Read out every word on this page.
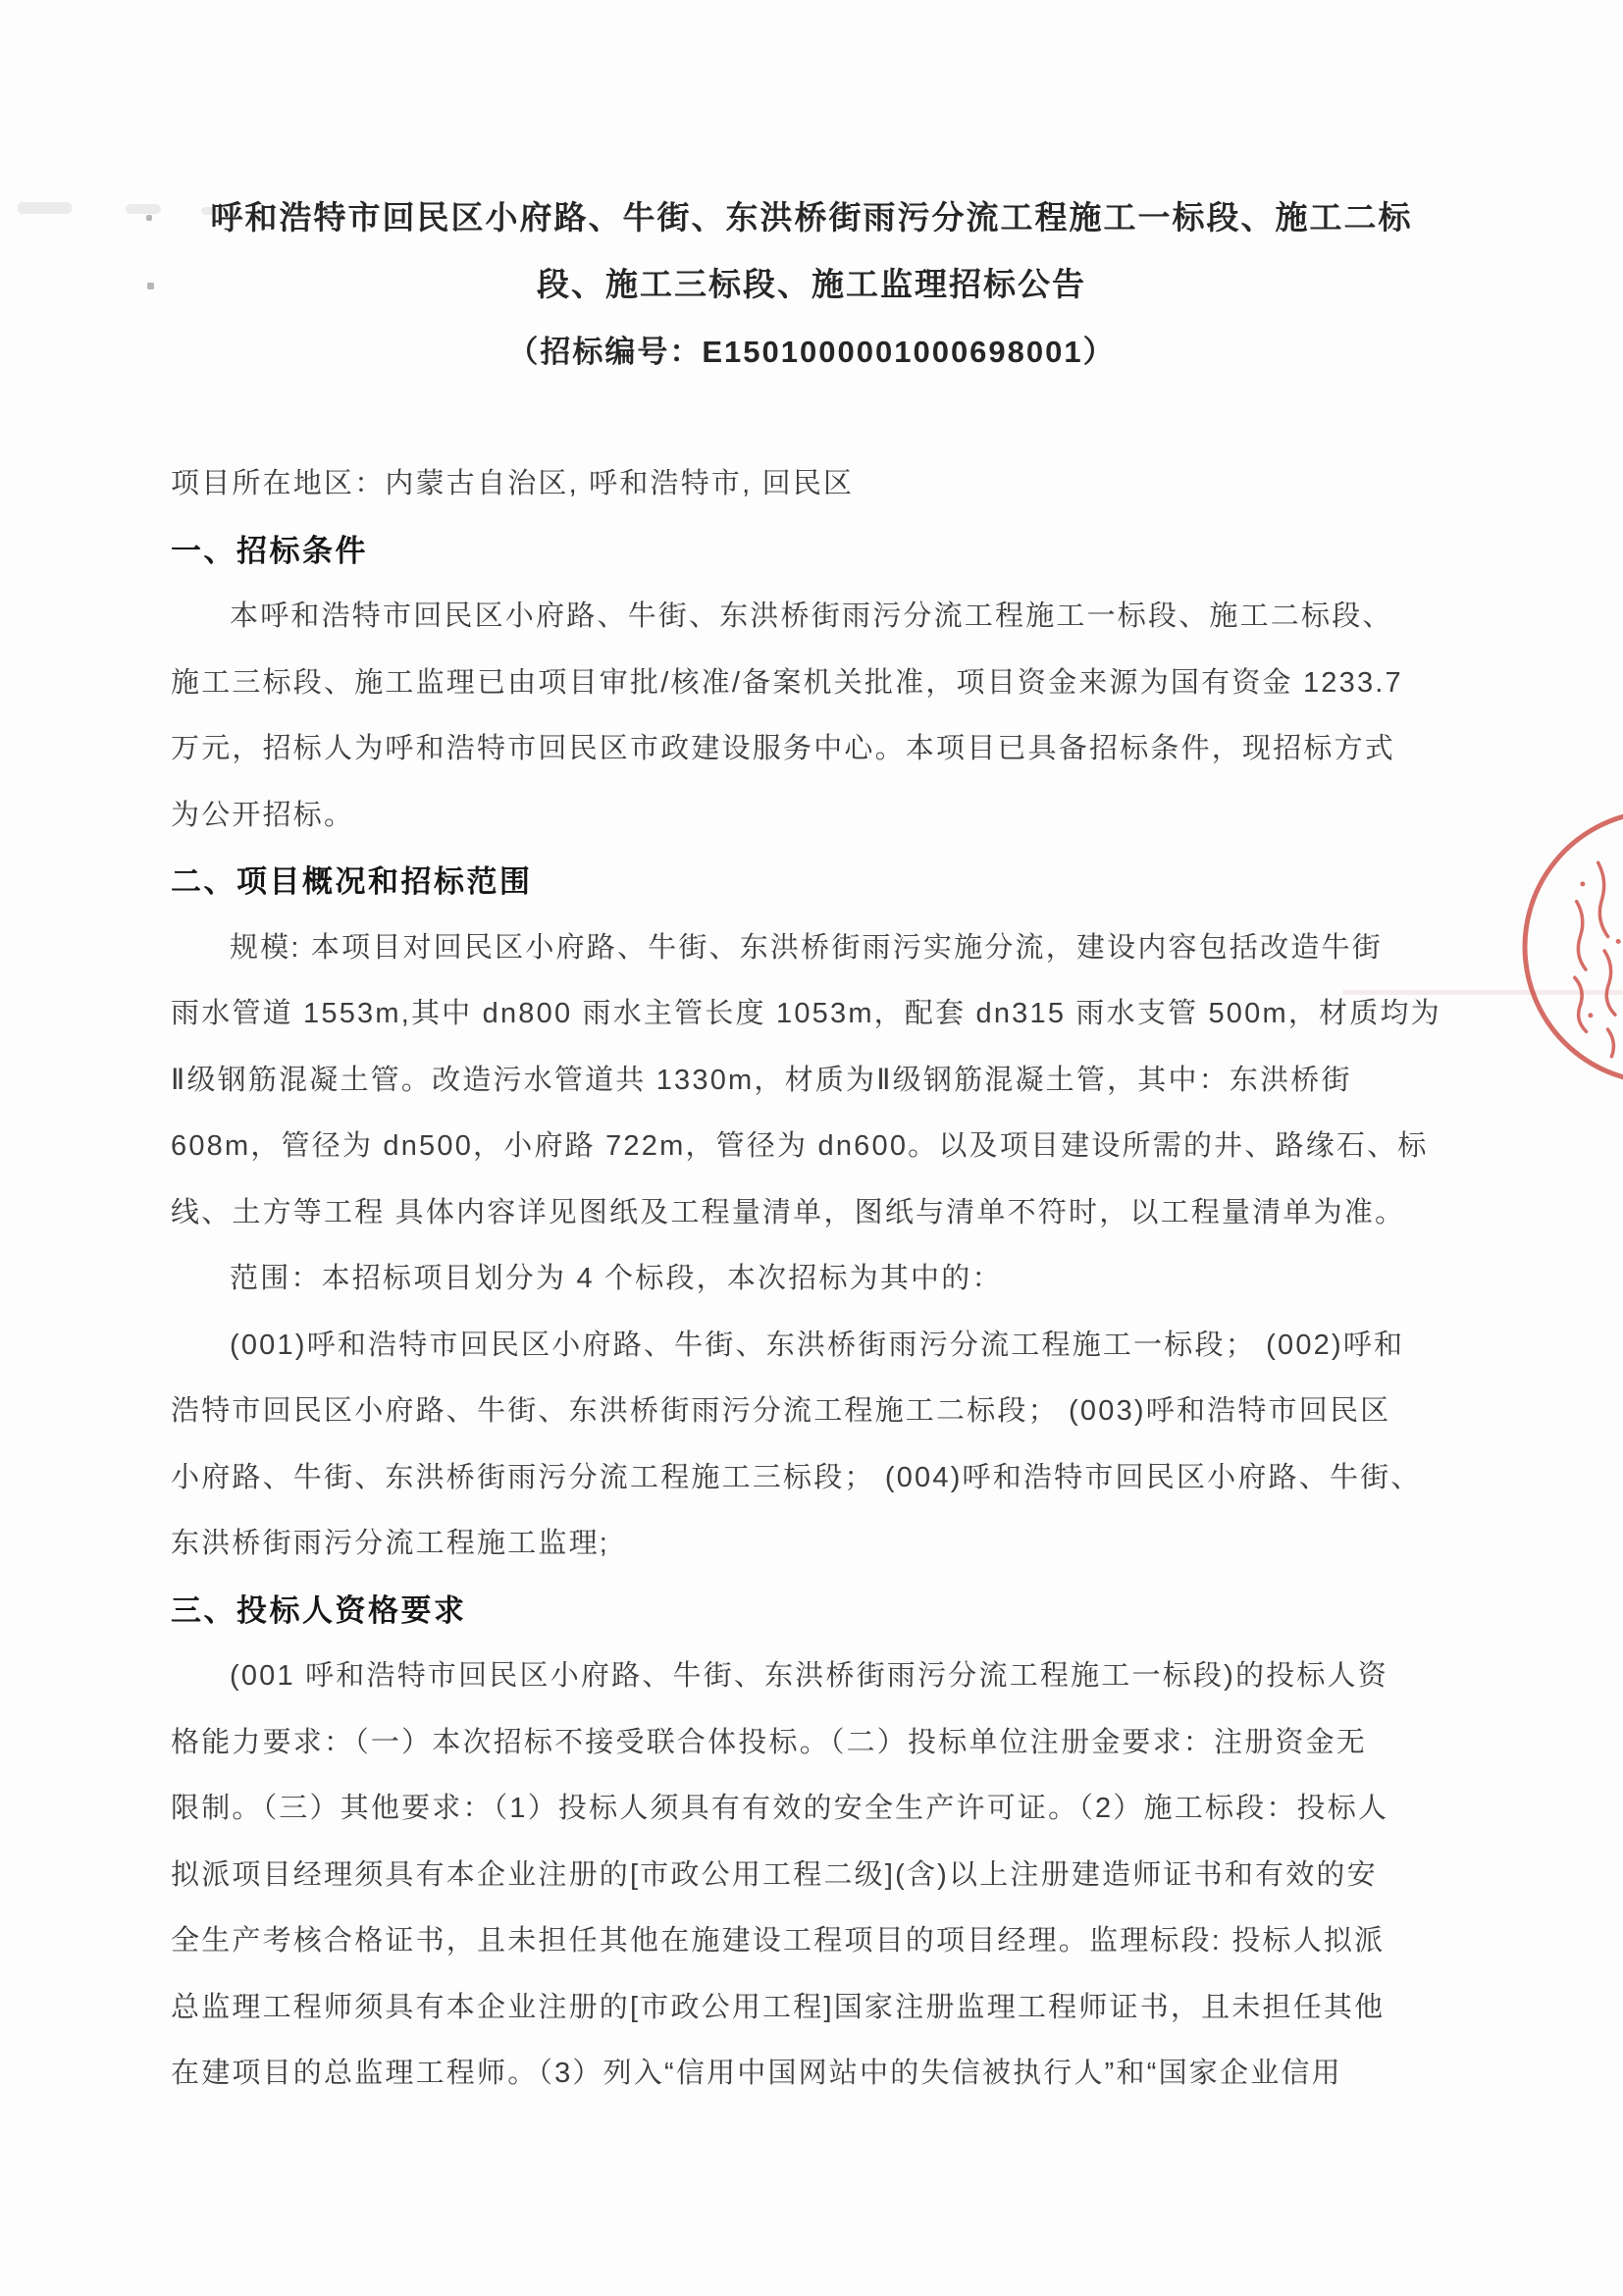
呼和浩特市回民区小府路、牛街、东洪桥街雨污分流工程施工一标段、施工二标
段、施工三标段、施工监理招标公告
（招标编号：E1501000001000698001）
项目所在地区：内蒙古自治区, 呼和浩特市, 回民区
一、招标条件
本呼和浩特市回民区小府路、牛街、东洪桥街雨污分流工程施工一标段、施工二标段、
施工三标段、施工监理已由项目审批/核准/备案机关批准，项目资金来源为国有资金 1233.7
万元，招标人为呼和浩特市回民区市政建设服务中心。本项目已具备招标条件，现招标方式
为公开招标。
二、项目概况和招标范围
规模: 本项目对回民区小府路、牛街、东洪桥街雨污实施分流，建设内容包括改造牛街
雨水管道 1553m,其中 dn800 雨水主管长度 1053m，配套 dn315 雨水支管 500m，材质均为
Ⅱ级钢筋混凝土管。改造污水管道共 1330m，材质为Ⅱ级钢筋混凝土管，其中：东洪桥街
608m，管径为 dn500，小府路 722m，管径为 dn600。以及项目建设所需的井、路缘石、标
线、土方等工程 具体内容详见图纸及工程量清单，图纸与清单不符时，以工程量清单为准。
范围：本招标项目划分为 4 个标段，本次招标为其中的：
(001)呼和浩特市回民区小府路、牛街、东洪桥街雨污分流工程施工一标段； (002)呼和
浩特市回民区小府路、牛街、东洪桥街雨污分流工程施工二标段； (003)呼和浩特市回民区
小府路、牛街、东洪桥街雨污分流工程施工三标段； (004)呼和浩特市回民区小府路、牛街、
东洪桥街雨污分流工程施工监理;
三、投标人资格要求
(001 呼和浩特市回民区小府路、牛街、东洪桥街雨污分流工程施工一标段)的投标人资
格能力要求：（一）本次招标不接受联合体投标。（二）投标单位注册金要求：注册资金无
限制。（三）其他要求：（1）投标人须具有有效的安全生产许可证。（2）施工标段：投标人
拟派项目经理须具有本企业注册的[市政公用工程二级](含)以上注册建造师证书和有效的安
全生产考核合格证书，且未担任其他在施建设工程项目的项目经理。监理标段: 投标人拟派
总监理工程师须具有本企业注册的[市政公用工程]国家注册监理工程师证书，且未担任其他
在建项目的总监理工程师。（3）列入“信用中国网站中的失信被执行人”和“国家企业信用
